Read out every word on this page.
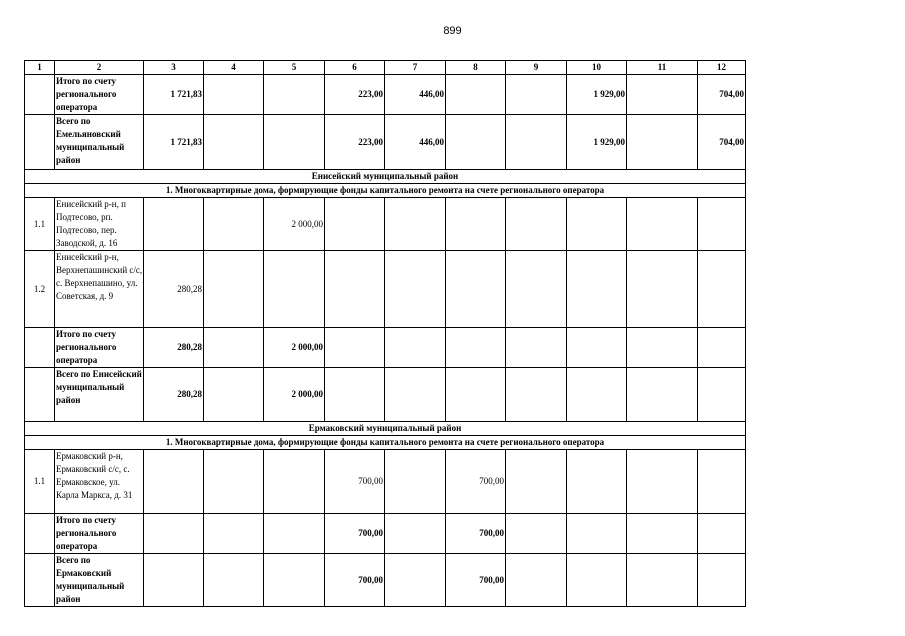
899
1	2	3	4	5	6	7	8	9	10	11	12
	Итого по счету регионального оператора	1 721,83			223,00	446,00			1 929,00		704,00
	Всего по Емельяновский муниципальный район	1 721,83			223,00	446,00			1 929,00		704,00
Енисейский муниципальный район											
1. Многоквартирные дома, формирующие фонды капитального ремонта на счете регионального оператора											
1.1	Енисейский р-н, п Подтесово, рп. Подтесово, пер. Заводской, д. 16			2 000,00							
1.2	Енисейский р-н, Верхнепашинский с/с, с. Верхнепашино, ул. Советская, д. 9	280,28									
	Итого по счету регионального оператора	280,28		2 000,00							
	Всего по Енисейский муниципальный район	280,28		2 000,00							
Ермаковский муниципальный район											
1. Многоквартирные дома, формирующие фонды капитального ремонта на счете регионального оператора											
1.1	Ермаковский р-н, Ермаковский с/с, с. Ермаковское, ул. Карла Маркса, д. 31				700,00		700,00				
	Итого по счету регионального оператора				700,00		700,00				
	Всего по Ермаковский муниципальный район				700,00		700,00				
